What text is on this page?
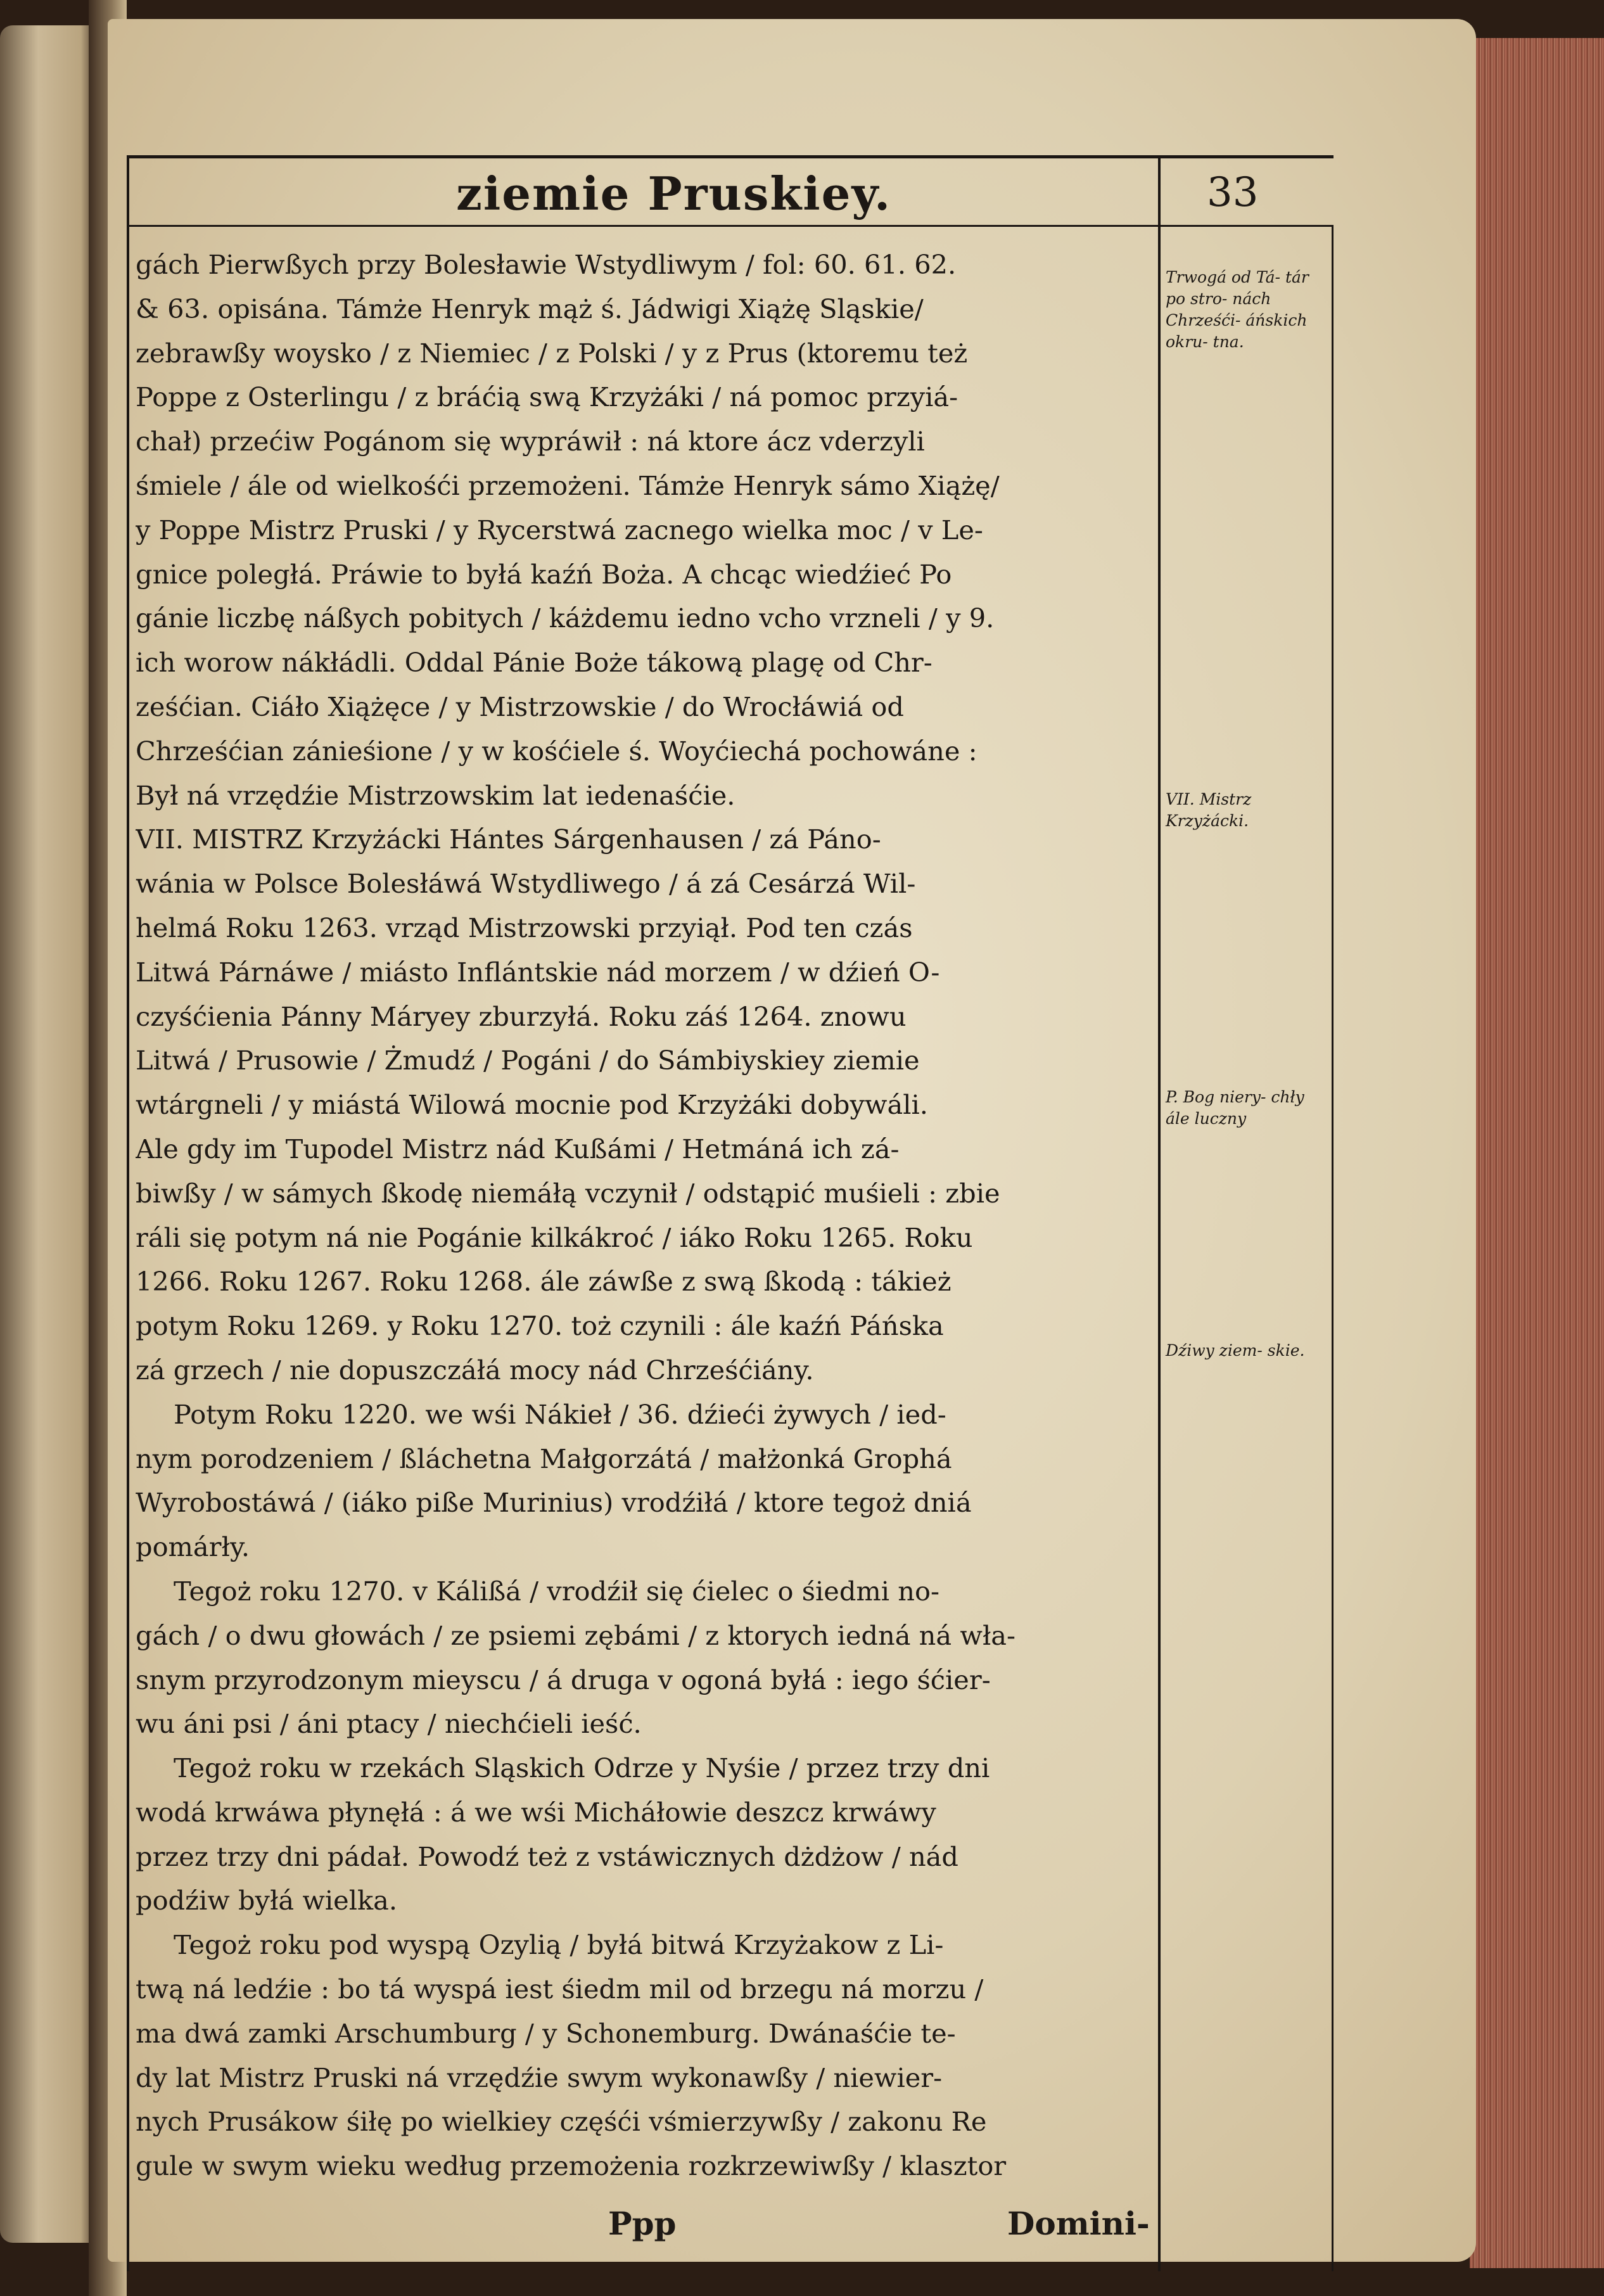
ziemie Pruskiey.	33
gách Pierwßych przy Bolesławie Wstydliwym / fol: 60. 61. 62.
& 63. opisána. Támże Henryk mąż ś. Jádwigi Xiążę Sląskie/
zebrawßy woysko / z Niemiec / z Polski / y z Prus (ktoremu też
Poppe z Osterlingu / z bráćią swą Krzyżáki / ná pomoc przyiá-
chał) przećiw Pogánom się wypráwił : ná ktore ácz vderzyli
śmiele / ále od wielkośći przemożeni. Támże Henryk sámo Xiążę/
y Poppe Mistrz Pruski / y Rycerstwá zacnego wielka moc / v Le-
gnice poległá. Práwie to byłá kaźń Boża. A chcąc wiedźieć Po
gánie liczbę náßych pobitych / káżdemu iedno vcho vrzneli / y 9.
ich worow nákłádli. Oddal Pánie Boże tákową plagę od Chr-
ześćian. Ciáło Xiążęce / y Mistrzowskie / do Wrocłáwiá od
Chrześćian zánieśione / y w kośćiele ś. Woyćiechá pochowáne :
Był ná vrzędźie Mistrzowskim lat iedenaśćie.
VII. MISTRZ Krzyżácki Hántes Sárgenhausen / zá Páno-
wánia w Polsce Bolesłáwá Wstydliwego / á zá Cesárzá Wil-
helmá Roku 1263. vrząd Mistrzowski przyiął. Pod ten czás
Litwá Párnáwe / miásto Inflántskie nád morzem / w dźień O-
czyśćienia Pánny Máryey zburzyłá. Roku záś 1264. znowu
Litwá / Prusowie / Żmudź / Pogáni / do Sámbiyskiey ziemie
wtárgneli / y miástá Wilowá mocnie pod Krzyżáki dobywáli.
Ale gdy im Tupodel Mistrz nád Kußámi / Hetmáná ich zá-
biwßy / w sámych ßkodę niemáłą vczynił / odstąpić muśieli : zbie
ráli się potym ná nie Pogánie kilkákroć / iáko Roku 1265. Roku
1266. Roku 1267. Roku 1268. ále záwße z swą ßkodą : tákież
potym Roku 1269. y Roku 1270. toż czynili : ále kaźń Páńska
zá grzech / nie dopuszczáłá mocy nád Chrześćiány.
Potym Roku 1220. we wśi Nákieł / 36. dźieći żywych / ied-
nym porodzeniem / ßláchetna Małgorzátá / małżonká Grophá
Wyrobostáwá / (iáko piße Murinius) vrodźiłá / ktore tegoż dniá
pomárły.
Tegoż roku 1270. v Kálißá / vrodźił się ćielec o śiedmi no-
gách / o dwu głowách / ze psiemi zębámi / z ktorych iedná ná wła-
snym przyrodzonym mieyscu / á druga v ogoná byłá : iego śćier-
wu áni psi / áni ptacy / niechćieli ieść.
Tegoż roku w rzekách Sląskich Odrze y Nyśie / przez trzy dni
wodá krwáwa płynęłá : á we wśi Micháłowie deszcz krwáwy
przez trzy dni pádał. Powodź też z vstáwicznych dżdżow / nád
podźiw byłá wielka.
Tegoż roku pod wyspą Ozylią / byłá bitwá Krzyżakow z Li-
twą ná ledźie : bo tá wyspá iest śiedm mil od brzegu ná morzu /
ma dwá zamki Arschumburg / y Schonemburg. Dwánaśćie te-
dy lat Mistrz Pruski ná vrzędźie swym wykonawßy / niewier-
nych Prusákow śiłę po wielkiey częśći vśmierzywßy / zakonu Re
gule w swym wieku według przemożenia rozkrzewiwßy / klasztor
Trwogá od Tá- tár po stro- nách Chrześći- áńskich okru- tna.
VII. Mistrz Krzyżácki.
P. Bog niery- chły ále luczny
Dźiwy ziem- skie.
Ppp	Domini-
